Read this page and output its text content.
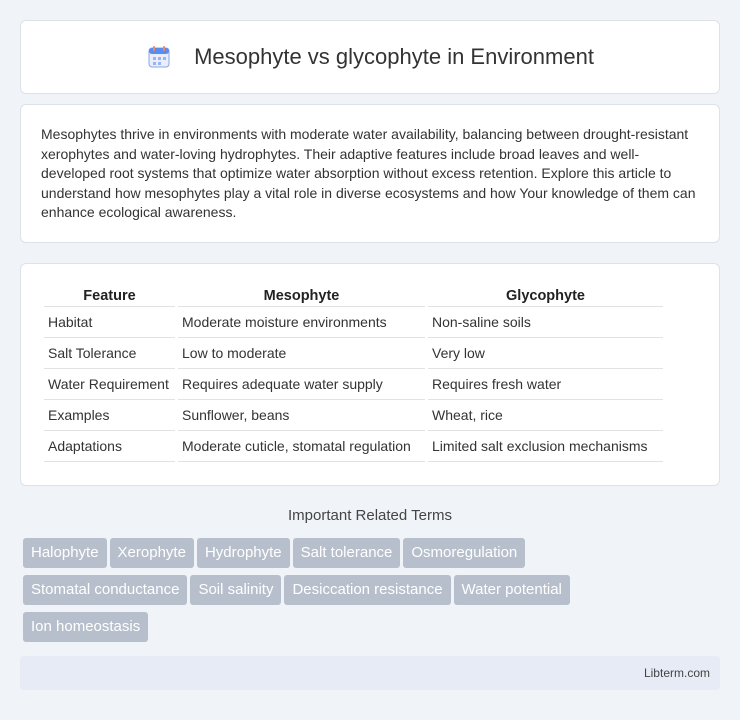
Mesophyte vs glycophyte in Environment

Mesophytes thrive in environments with moderate water availability, balancing between drought-resistant xerophytes and water-loving hydrophytes. Their adaptive features include broad leaves and well-developed root systems that optimize water absorption without excess retention. Explore this article to understand how mesophytes play a vital role in diverse ecosystems and how Your knowledge of them can enhance ecological awareness.

Feature	Mesophyte	Glycophyte
Habitat	Moderate moisture environments	Non-saline soils
Salt Tolerance	Low to moderate	Very low
Water Requirement	Requires adequate water supply	Requires fresh water
Examples	Sunflower, beans	Wheat, rice
Adaptations	Moderate cuticle, stomatal regulation	Limited salt exclusion mechanisms
Important Related Terms
Halophyte Xerophyte Hydrophyte Salt tolerance Osmoregulation
Stomatal conductance Soil salinity Desiccation resistance Water potential
Ion homeostasis
Libterm.com
